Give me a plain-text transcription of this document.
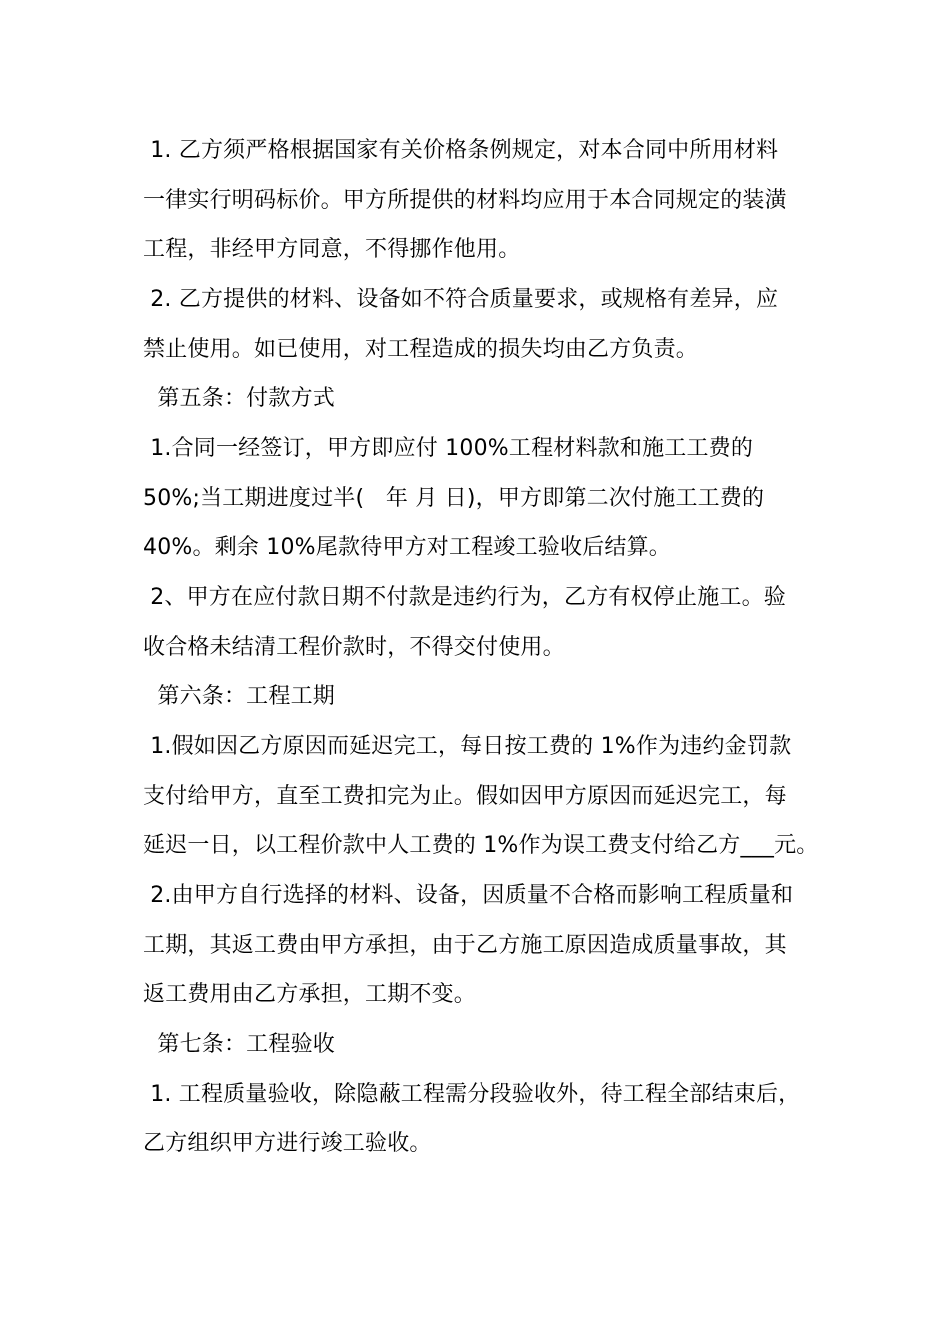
1. 乙方须严格根据国家有关价格条例规定，对本合同中所用材料
一律实行明码标价。甲方所提供的材料均应用于本合同规定的装潢
工程，非经甲方同意，不得挪作他用。
2. 乙方提供的材料、设备如不符合质量要求，或规格有差异，应
禁止使用。如已使用，对工程造成的损失均由乙方负责。
第五条：付款方式
1.合同一经签订，甲方即应付 100%工程材料款和施工工费的
50%;当工期进度过半(   年 月 日)，甲方即第二次付施工工费的
40%。剩余 10%尾款待甲方对工程竣工验收后结算。
2、甲方在应付款日期不付款是违约行为，乙方有权停止施工。验
收合格未结清工程价款时，不得交付使用。
第六条：工程工期
1.假如因乙方原因而延迟完工，每日按工费的 1%作为违约金罚款
支付给甲方，直至工费扣完为止。假如因甲方原因而延迟完工，每
延迟一日，以工程价款中人工费的 1%作为误工费支付给乙方___元。
2.由甲方自行选择的材料、设备，因质量不合格而影响工程质量和
工期，其返工费由甲方承担，由于乙方施工原因造成质量事故，其
返工费用由乙方承担，工期不变。
第七条：工程验收
1. 工程质量验收，除隐蔽工程需分段验收外，待工程全部结束后，
乙方组织甲方进行竣工验收。
